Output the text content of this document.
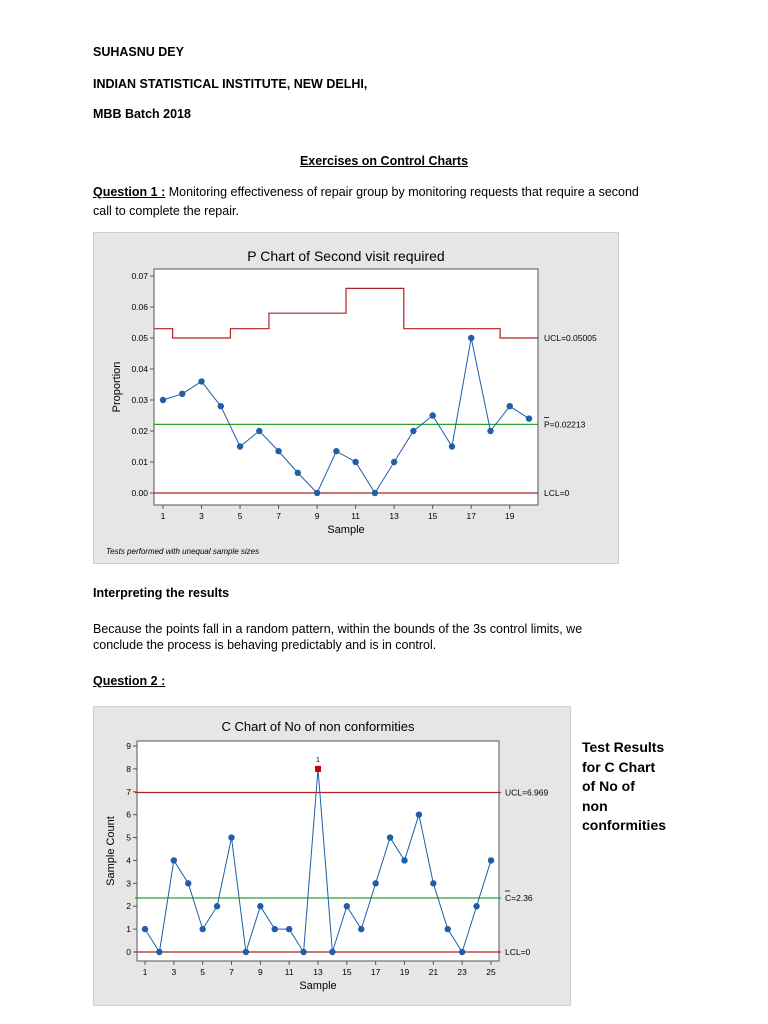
SUHASNU DEY
INDIAN STATISTICAL INSTITUTE, NEW DELHI,
MBB Batch 2018
Exercises on Control Charts
Question 1 : Monitoring effectiveness of repair group by monitoring requests that require a second
call to complete the repair.
P Chart of Second visit required
0.00
0.01
0.02
0.03
0.04
0.05
0.06
0.07
1	3	5	7	9	11	13	15	17	19
Sample
Proportion
UCL=0.05005
P=0.02213
LCL=0
Tests performed with unequal sample sizes
Interpreting the results
Because the points fall in a random pattern, within the bounds of the 3s control limits, we
conclude the process is behaving predictably and is in control.
Question 2 :
C Chart of No of non conformities
0
1
2
3
4
5
6
7
8
9
1	3	5	7	9	11 13 15 17 19 21 23 25
Sample
Sample Count
UCL=6.969
C=2.36
LCL=0
1
Test Results
for C Chart
of No of
non
conformities
